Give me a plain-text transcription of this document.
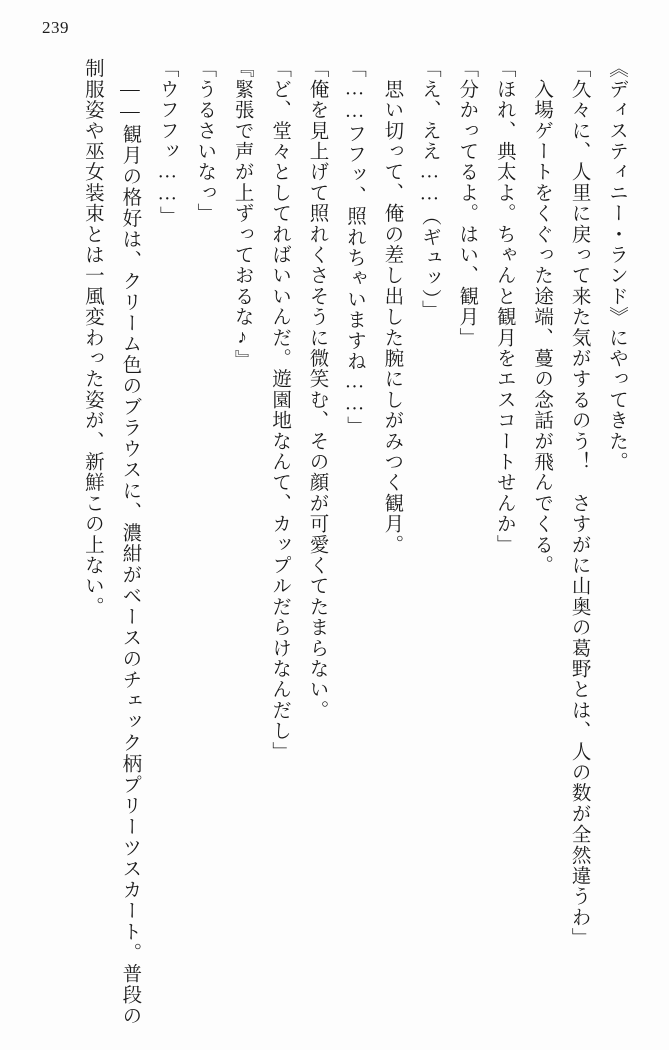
239
《ディスティニー・ランド》にやってきた。
「久々に、人里に戻って来た気がするのう！　さすがに山奥の葛野とは、人の数が全然違うわ」
　入場ゲートをくぐった途端、蔓の念話が飛んでくる。
「ほれ、典太よ。ちゃんと観月をエスコートせんか」
「分かってるよ。はい、観月」
「え、ええ……（ギュッ）」
　思い切って、俺の差し出した腕にしがみつく観月。
「……フフッ、照れちゃいますね……」
「俺を見上げて照れくさそうに微笑む、その顔が可愛くてたまらない。
「ど、堂々としてればいいんだ。遊園地なんて、カップルだらけなんだし」
『緊張で声が上ずっておるな♪』
「うるさいなっ」
「ウフフッ……」
　――観月の格好は、クリーム色のブラウスに、濃紺がベースのチェック柄プリーツスカート。普段の制服姿や巫女装束とは一風変わった姿が、新鮮この上ない。
